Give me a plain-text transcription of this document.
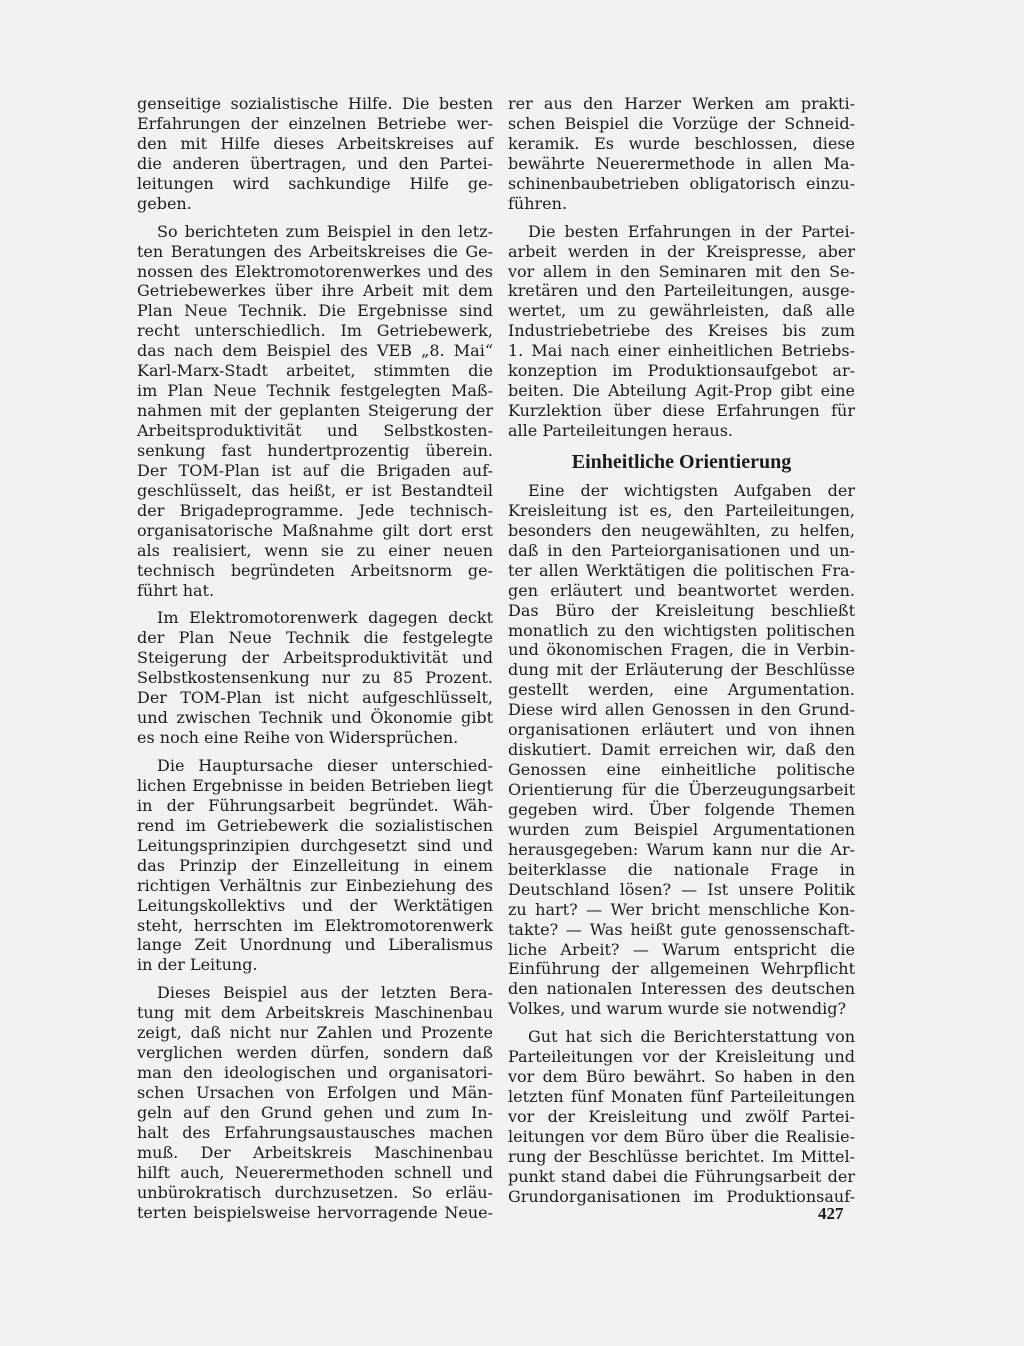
genseitige sozialistische Hilfe. Die besten
Erfahrungen der einzelnen Betriebe wer-
den mit Hilfe dieses Arbeitskreises auf
die anderen übertragen, und den Partei-
leitungen wird sachkundige Hilfe ge-
geben.
So berichteten zum Beispiel in den letz-
ten Beratungen des Arbeitskreises die Ge-
nossen des Elektromotorenwerkes und des
Getriebewerkes über ihre Arbeit mit dem
Plan Neue Technik. Die Ergebnisse sind
recht unterschiedlich. Im Getriebewerk,
das nach dem Beispiel des VEB „8. Mai“
Karl-Marx-Stadt arbeitet, stimmten die
im Plan Neue Technik festgelegten Maß-
nahmen mit der geplanten Steigerung der
Arbeitsproduktivität und Selbstkosten-
senkung fast hundertprozentig überein.
Der TOM-Plan ist auf die Brigaden auf-
geschlüsselt, das heißt, er ist Bestandteil
der Brigadeprogramme. Jede technisch-
organisatorische Maßnahme gilt dort erst
als realisiert, wenn sie zu einer neuen
technisch begründeten Arbeitsnorm ge-
führt hat.
Im Elektromotorenwerk dagegen deckt
der Plan Neue Technik die festgelegte
Steigerung der Arbeitsproduktivität und
Selbstkostensenkung nur zu 85 Prozent.
Der TOM-Plan ist nicht aufgeschlüsselt,
und zwischen Technik und Ökonomie gibt
es noch eine Reihe von Widersprüchen.
Die Hauptursache dieser unterschied-
lichen Ergebnisse in beiden Betrieben liegt
in der Führungsarbeit begründet. Wäh-
rend im Getriebewerk die sozialistischen
Leitungsprinzipien durchgesetzt sind und
das Prinzip der Einzelleitung in einem
richtigen Verhältnis zur Einbeziehung des
Leitungskollektivs und der Werktätigen
steht, herrschten im Elektromotorenwerk
lange Zeit Unordnung und Liberalismus
in der Leitung.
Dieses Beispiel aus der letzten Bera-
tung mit dem Arbeitskreis Maschinenbau
zeigt, daß nicht nur Zahlen und Prozente
verglichen werden dürfen, sondern daß
man den ideologischen und organisatori-
schen Ursachen von Erfolgen und Män-
geln auf den Grund gehen und zum In-
halt des Erfahrungsaustausches machen
muß. Der Arbeitskreis Maschinenbau
hilft auch, Neuerermethoden schnell und
unbürokratisch durchzusetzen. So erläu-
terten beispielsweise hervorragende Neue-
rer aus den Harzer Werken am prakti-
schen Beispiel die Vorzüge der Schneid-
keramik. Es wurde beschlossen, diese
bewährte Neuerermethode in allen Ma-
schinenbaubetrieben obligatorisch einzu-
führen.
Die besten Erfahrungen in der Partei-
arbeit werden in der Kreispresse, aber
vor allem in den Seminaren mit den Se-
kretären und den Parteileitungen, ausge-
wertet, um zu gewährleisten, daß alle
Industriebetriebe des Kreises bis zum
1. Mai nach einer einheitlichen Betriebs-
konzeption im Produktionsaufgebot ar-
beiten. Die Abteilung Agit-Prop gibt eine
Kurzlektion über diese Erfahrungen für
alle Parteileitungen heraus.
Einheitliche Orientierung
Eine der wichtigsten Aufgaben der
Kreisleitung ist es, den Parteileitungen,
besonders den neugewählten, zu helfen,
daß in den Parteiorganisationen und un-
ter allen Werktätigen die politischen Fra-
gen erläutert und beantwortet werden.
Das Büro der Kreisleitung beschließt
monatlich zu den wichtigsten politischen
und ökonomischen Fragen, die in Verbin-
dung mit der Erläuterung der Beschlüsse
gestellt werden, eine Argumentation.
Diese wird allen Genossen in den Grund-
organisationen erläutert und von ihnen
diskutiert. Damit erreichen wir, daß den
Genossen eine einheitliche politische
Orientierung für die Überzeugungsarbeit
gegeben wird. Über folgende Themen
wurden zum Beispiel Argumentationen
herausgegeben: Warum kann nur die Ar-
beiterklasse die nationale Frage in
Deutschland lösen? — Ist unsere Politik
zu hart? — Wer bricht menschliche Kon-
takte? — Was heißt gute genossenschaft-
liche Arbeit? — Warum entspricht die
Einführung der allgemeinen Wehrpflicht
den nationalen Interessen des deutschen
Volkes, und warum wurde sie notwendig?
Gut hat sich die Berichterstattung von
Parteileitungen vor der Kreisleitung und
vor dem Büro bewährt. So haben in den
letzten fünf Monaten fünf Parteileitungen
vor der Kreisleitung und zwölf Partei-
leitungen vor dem Büro über die Realisie-
rung der Beschlüsse berichtet. Im Mittel-
punkt stand dabei die Führungsarbeit der
Grundorganisationen im Produktionsauf-
427
